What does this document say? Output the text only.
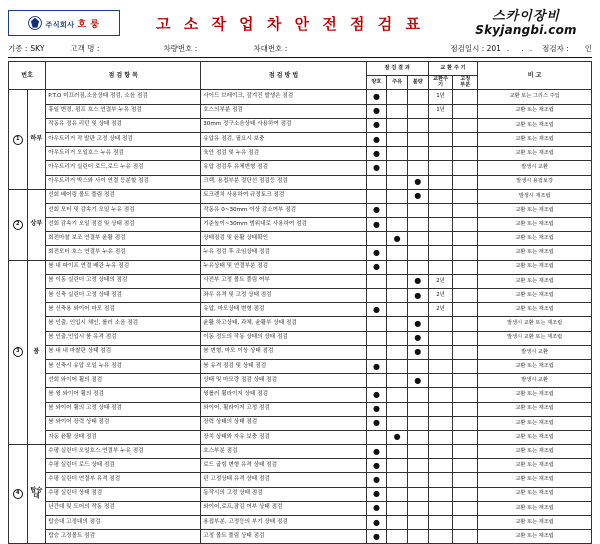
주식회사 호 룽	고 소 작 업 차 안 전 점 검 표	스카이장비
Skyjangbi.com
기종 : SKY	고객 명 :	차량번호 :	차대번호 :	점검일시 : 201 . . . 점검자 : 인
번호		점 검 항 목	점 검 방 법	점 검 결 과			교 환 주 기		비 고
				양호	주유	불량	교환주기	고정
부분	
1	하부	P.T.O 미끄러짐,소음상태 점검, 소음 점검	사이드 브레이크, 잠겨진 발생은 점검	●			1년		교환 또는 그리스 주입
		휴일 변경, 펌프 호스 연결부 누유 점검	호스의부분 점검	●			1년		교환 또는 재조립
		작동유 정유 리턴 및 상태 점검	30mm 정구소음상태 사용하여 점검	●					교환 또는 재조립
		아우트리거 작 발판 고정 상태 점검	유압유 점검, 필요시 보충	●					교환 또는 재조립
		아우트리거 오일호스 누유 점검	육안 점검 및 누유 점검	●					교환 또는 재조립
		아우트리거 실린더 로드,로드 누유 점검	유압 점검후 유체변형 점검	●					발생시 교환
		아우트리거 박스와 사이 연결 등분할 점검	크랙, 용접부분 절단선 점검등 점검			●			발생시 용접보강
2	상부	선회 베어링 볼트 풀림 점검	토크렌치 사용하여 규정토크 점검			●			발생시 재조립
		선회 모터 및 감속기 오일 누유 점검	작동유 0~30mm 이상 감소여부 점검	●					교환 또는 재조립
		선회 감속기 오일 점검 및 상태 점검	기준높이~30mm 범위내로 사용하여 점검	●					교환 또는 재조립
		회전마찰 보조 연결부 윤활 점검	상태점검 및 윤활 상태확인		●				교환 또는 재조립
		회전모터 호스 연결부 누유 점검	누유 점검 후 조임상태 점검	●					교환 또는 재조립
3	붐	붐 내 파이프 연결 배관 누유 점검	누유상태 및 연결부분 점검	●					교환 또는 재조립
		붐 이동 실린더 고정 상태의 점검	사전부 고정 볼트 풀림 여부			●	2년		교환 또는 재조립
		붐 신축 실린더 고정 상태 점검	좌우 유격 및 고정 상태 점검			●	2년		교환 또는 재조립
		붐 신축용 와이어 마모 점검	유압, 마모상태 변형 점검	●			2년		교환 또는 재조립
		붐 인출, 인입시 체인, 롤러 소음 점검	윤활 하고상태, 과체, 윤활부 상태 점검			●			발생시 교환 또는 재조립
		붐 인출,인입시 붐 유격 점검	이동 정도의 작동 상태의 상태 점검			●			발생시 교환 또는 재조립
		붐 내 내 마찰판 상태 점검	붐 변형, 마모 이상 상태 점검			●			발생시 교환
		붐 신축시 유압 오일 누유 점검	붐 유격 점검 및 상태 점검	●					교환 또는 재조립
		선회 와이어 휠의 점검	상태 및 마모량 점검 상태 점검			●			발생시 교환
		붐 윙 와이어 휠의 점검	윙롤러 휠라이저 상태 점검	●					교환 또는 재조립
		붐 와이어 휠의 고정 상태 점검	와이어, 휠라이저 고정 점검	●					교환 또는 재조립
		붐 와이어 장력 상태 점검	장력 상태의 상태 점검	●					교환 또는 재조립
		자동 윤활 상태 점검	장치 상태와 자유 보충 점검		●				교환 또는 재조립
4	탑승대	수평 실린더 오일호스 연결부 누유 점검	호스부분 점검	●					교환 또는 재조립
		수평 실린더 로드 상태 점검	로드 굽힘 변형 유격 상태 점검	●					교환 또는 재조립
		수평 실린더 연결부 유격 점검	핀 고정상태 유격 상태 점검	●					교환 또는 재조립
		수평 실린더 상태 점검	동작시의 고정 상태 점검	●					교환 또는 재조립
		난간대 및 도어의 작동 점검	와이어,로프,잠김 여부 상태 점검	●					교환 또는 재조립
		탑승대 고정대의 점검	용접부분, 고정등의 부기 상태 점검	●					교환 또는 재조립
		탑승 고정볼트 점검	고정 볼트 풀림 상태 점검	●					교환 또는 재조립
